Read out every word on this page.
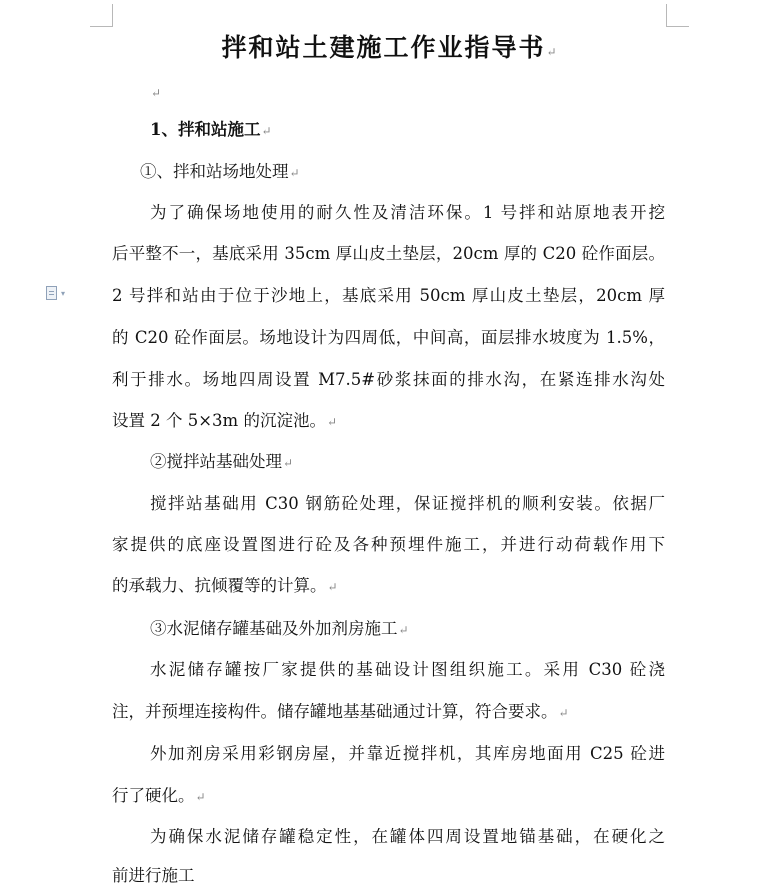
▾
拌和站土建施工作业指导书↵
↵
1、拌和站施工↵
①、拌和站场地处理↵
为了确保场地使用的耐久性及清洁环保。1 号拌和站原地表开挖
后平整不一，基底采用 35cm 厚山皮土垫层，20cm 厚的 C20 砼作面层。
2 号拌和站由于位于沙地上，基底采用 50cm 厚山皮土垫层，20cm 厚
的 C20 砼作面层。场地设计为四周低，中间高，面层排水坡度为 1.5%，
利于排水。场地四周设置 M7.5#砂浆抹面的排水沟，在紧连排水沟处
设置 2 个 5×3m 的沉淀池。↵
②搅拌站基础处理↵
搅拌站基础用 C30 钢筋砼处理，保证搅拌机的顺利安装。依据厂
家提供的底座设置图进行砼及各种预埋件施工，并进行动荷载作用下
的承载力、抗倾覆等的计算。↵
③水泥储存罐基础及外加剂房施工↵
水泥储存罐按厂家提供的基础设计图组织施工。采用 C30 砼浇
注，并预埋连接构件。储存罐地基基础通过计算，符合要求。↵
外加剂房采用彩钢房屋，并靠近搅拌机，其库房地面用 C25 砼进
行了硬化。↵
为确保水泥储存罐稳定性，在罐体四周设置地锚基础，在硬化之
前进行施工
